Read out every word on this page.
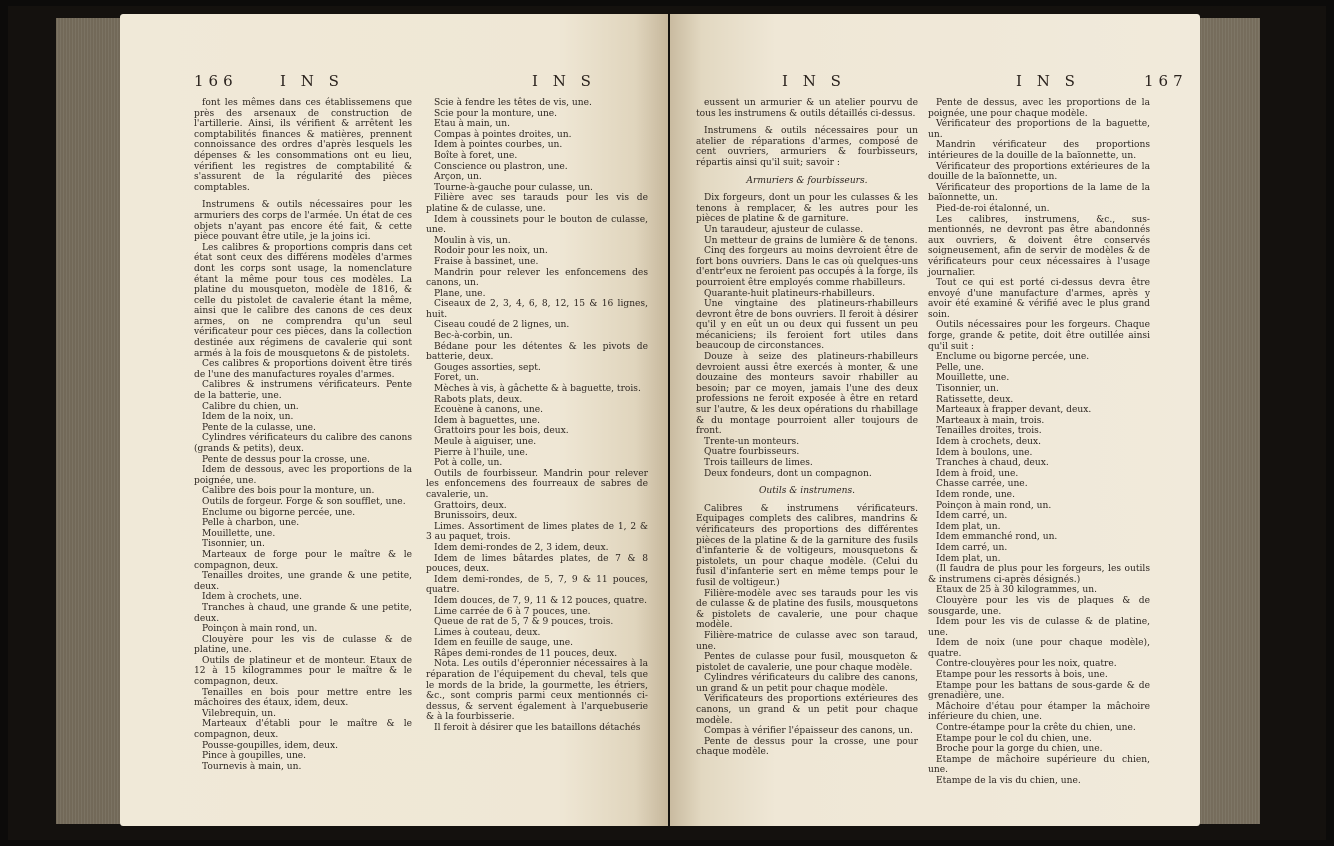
166	I N S	I N S

font les mêmes dans ces établissemens que près des arsenaux de construction de l'artillerie. Ainsi, ils vérifient & arrêtent les comptabilités finances & matières, prennent connoissance des ordres d'après lesquels les dépenses & les consommations ont eu lieu, vérifient les registres de comptabilité & s'assurent de la régularité des pièces comptables.

Instrumens & outils nécessaires pour les armuriers des corps de l'armée. Un état de ces objets n'ayant pas encore été fait, & cette pièce pouvant être utile, je la joins ici.

Les calibres & proportions compris dans cet état sont ceux des différens modèles d'armes dont les corps sont usage, la nomenclature étant la même pour tous ces modèles. La platine du mousqueton, modèle de 1816, & celle du pistolet de cavalerie étant la même, ainsi que le calibre des canons de ces deux armes, on ne comprendra qu'un seul vérificateur pour ces pièces, dans la collection destinée aux régimens de cavalerie qui sont armés à la fois de mousquetons & de pistolets.

Ces calibres & proportions doivent être tirés de l'une des manufactures royales d'armes.

Calibres & instrumens vérificateurs. Pente de la batterie, une.

Calibre du chien, un.

Idem de la noix, un.

Pente de la culasse, une.

Cylindres vérificateurs du calibre des canons (grands & petits), deux.

Pente de dessus pour la crosse, une.

Idem de dessous, avec les proportions de la poignée, une.

Calibre des bois pour la monture, un.

Outils de forgeur. Forge & son soufflet, une.

Enclume ou bigorne percée, une.

Pelle à charbon, une.

Mouillette, une.

Tisonnier, un.

Marteaux de forge pour le maître & le compagnon, deux.

Tenailles droites, une grande & une petite, deux.

Idem à crochets, une.

Tranches à chaud, une grande & une petite, deux.

Poinçon à main rond, un.

Clouyère pour les vis de culasse & de platine, une.

Outils de platineur et de monteur. Etaux de 12 à 15 kilogrammes pour le maître & le compagnon, deux.

Tenailles en bois pour mettre entre les mâchoires des étaux, idem, deux.

Vilebrequin, un.

Marteaux d'établi pour le maître & le compagnon, deux.

Pousse-goupilles, idem, deux.

Pince à goupilles, une.

Tournevis à main, un.

Scie à fendre les têtes de vis, une.

Scie pour la monture, une.

Etau à main, un.

Compas à pointes droites, un.

Idem à pointes courbes, un.

Boîte à foret, une.

Conscience ou plastron, une.

Arçon, un.

Tourne-à-gauche pour culasse, un.

Filière avec ses tarauds pour les vis de platine & de culasse, une.

Idem à coussinets pour le bouton de culasse, une.

Moulin à vis, un.

Rodoir pour les noix, un.

Fraise à bassinet, une.

Mandrin pour relever les enfoncemens des canons, un.

Plane, une.

Ciseaux de 2, 3, 4, 6, 8, 12, 15 & 16 lignes, huit.

Ciseau coudé de 2 lignes, un.

Bec-à-corbin, un.

Bédane pour les détentes & les pivots de batterie, deux.

Gouges assorties, sept.

Foret, un.

Mèches à vis, à gâchette & à baguette, trois.

Rabots plats, deux.

Ecouène à canons, une.

Idem à baguettes, une.

Grattoirs pour les bois, deux.

Meule à aiguiser, une.

Pierre à l'huile, une.

Pot à colle, un.

Outils de fourbisseur. Mandrin pour relever les enfoncemens des fourreaux de sabres de cavalerie, un.

Grattoirs, deux.

Brunissoirs, deux.

Limes. Assortiment de limes plates de 1, 2 & 3 au paquet, trois.

Idem demi-rondes de 2, 3 idem, deux.

Idem de limes bâtardes plates, de 7 & 8 pouces, deux.

Idem demi-rondes, de 5, 7, 9 & 11 pouces, quatre.

Idem douces, de 7, 9, 11 & 12 pouces, quatre.

Lime carrée de 6 à 7 pouces, une.

Queue de rat de 5, 7 & 9 pouces, trois.

Limes à couteau, deux.

Idem en feuille de sauge, une.

Râpes demi-rondes de 11 pouces, deux.

Nota. Les outils d'éperonnier nécessaires à la réparation de l'équipement du cheval, tels que le mords de la bride, la gourmette, les étriers, &c., sont compris parmi ceux mentionnés ci-dessus, & servent également à l'arquebuserie & à la fourbisserie.

Il feroit à désirer que les bataillons détachés

I N S	I N S	167

eussent un armurier & un atelier pourvu de tous les instrumens & outils détaillés ci-dessus.

Instrumens & outils nécessaires pour un atelier de réparations d'armes, composé de cent ouvriers, armuriers & fourbisseurs, répartis ainsi qu'il suit; savoir :

Armuriers & fourbisseurs.

Dix forgeurs, dont un pour les culasses & les tenons à remplacer, & les autres pour les pièces de platine & de garniture.

Un taraudeur, ajusteur de culasse.

Un metteur de grains de lumière & de tenons.

Cinq des forgeurs au moins devroient être de fort bons ouvriers. Dans le cas où quelques-uns d'entr'eux ne feroient pas occupés à la forge, ils pourroient être employés comme rhabilleurs.

Quarante-huit platineurs-rhabilleurs.

Une vingtaine des platineurs-rhabilleurs devront être de bons ouvriers. Il feroit à désirer qu'il y en eût un ou deux qui fussent un peu mécaniciens; ils feroient fort utiles dans beaucoup de circonstances.

Douze à seize des platineurs-rhabilleurs devroient aussi être exercés à monter, & une douzaine des monteurs savoir rhabiller au besoin; par ce moyen, jamais l'une des deux professions ne feroit exposée à être en retard sur l'autre, & les deux opérations du rhabillage & du montage pourroient aller toujours de front.

Trente-un monteurs.

Quatre fourbisseurs.

Trois tailleurs de limes.

Deux fondeurs, dont un compagnon.

Outils & instrumens.

Calibres & instrumens vérificateurs. Equipages complets des calibres, mandrins & vérificateurs des proportions des différentes pièces de la platine & de la garniture des fusils d'infanterie & de voltigeurs, mousquetons & pistolets, un pour chaque modèle. (Celui du fusil d'infanterie sert en même temps pour le fusil de voltigeur.)

Filière-modèle avec ses tarauds pour les vis de culasse & de platine des fusils, mousquetons & pistolets de cavalerie, une pour chaque modèle.

Filière-matrice de culasse avec son taraud, une.

Pentes de culasse pour fusil, mousqueton & pistolet de cavalerie, une pour chaque modèle.

Cylindres vérificateurs du calibre des canons, un grand & un petit pour chaque modèle.

Vérificateurs des proportions extérieures des canons, un grand & un petit pour chaque modèle.

Compas à vérifier l'épaisseur des canons, un.

Pente de dessus pour la crosse, une pour chaque modèle.

Pente de dessus, avec les proportions de la poignée, une pour chaque modèle.

Vérificateur des proportions de la baguette, un.

Mandrin vérificateur des proportions intérieures de la douille de la baïonnette, un.

Vérificateur des proportions extérieures de la douille de la baïonnette, un.

Vérificateur des proportions de la lame de la baïonnette, un.

Pied-de-roi étalonné, un.

Les calibres, instrumens, &c., sus-mentionnés, ne devront pas être abandonnés aux ouvriers, & doivent être conservés soigneusement, afin de servir de modèles & de vérificateurs pour ceux nécessaires à l'usage journalier.

Tout ce qui est porté ci-dessus devra être envoyé d'une manufacture d'armes, après y avoir été examiné & vérifié avec le plus grand soin.

Outils nécessaires pour les forgeurs. Chaque forge, grande & petite, doit être outillée ainsi qu'il suit :

Enclume ou bigorne percée, une.

Pelle, une.

Mouillette, une.

Tisonnier, un.

Ratissette, deux.

Marteaux à frapper devant, deux.

Marteaux à main, trois.

Tenailles droites, trois.

Idem à crochets, deux.

Idem à boulons, une.

Tranches à chaud, deux.

Idem à froid, une.

Chasse carrée, une.

Idem ronde, une.

Poinçon à main rond, un.

Idem carré, un.

Idem plat, un.

Idem emmanché rond, un.

Idem carré, un.

Idem plat, un.

(Il faudra de plus pour les forgeurs, les outils & instrumens ci-après désignés.)

Etaux de 25 à 30 kilogrammes, un.

Clouyère pour les vis de plaques & de sousgarde, une.

Idem pour les vis de culasse & de platine, une.

Idem de noix (une pour chaque modèle), quatre.

Contre-clouyères pour les noix, quatre.

Etampe pour les ressorts à bois, une.

Etampe pour les battans de sous-garde & de grenadière, une.

Mâchoire d'étau pour étamper la mâchoire inférieure du chien, une.

Contre-étampe pour la crête du chien, une.

Etampe pour le col du chien, une.

Broche pour la gorge du chien, une.

Etampe de mâchoire supérieure du chien, une.

Etampe de la vis du chien, une.
